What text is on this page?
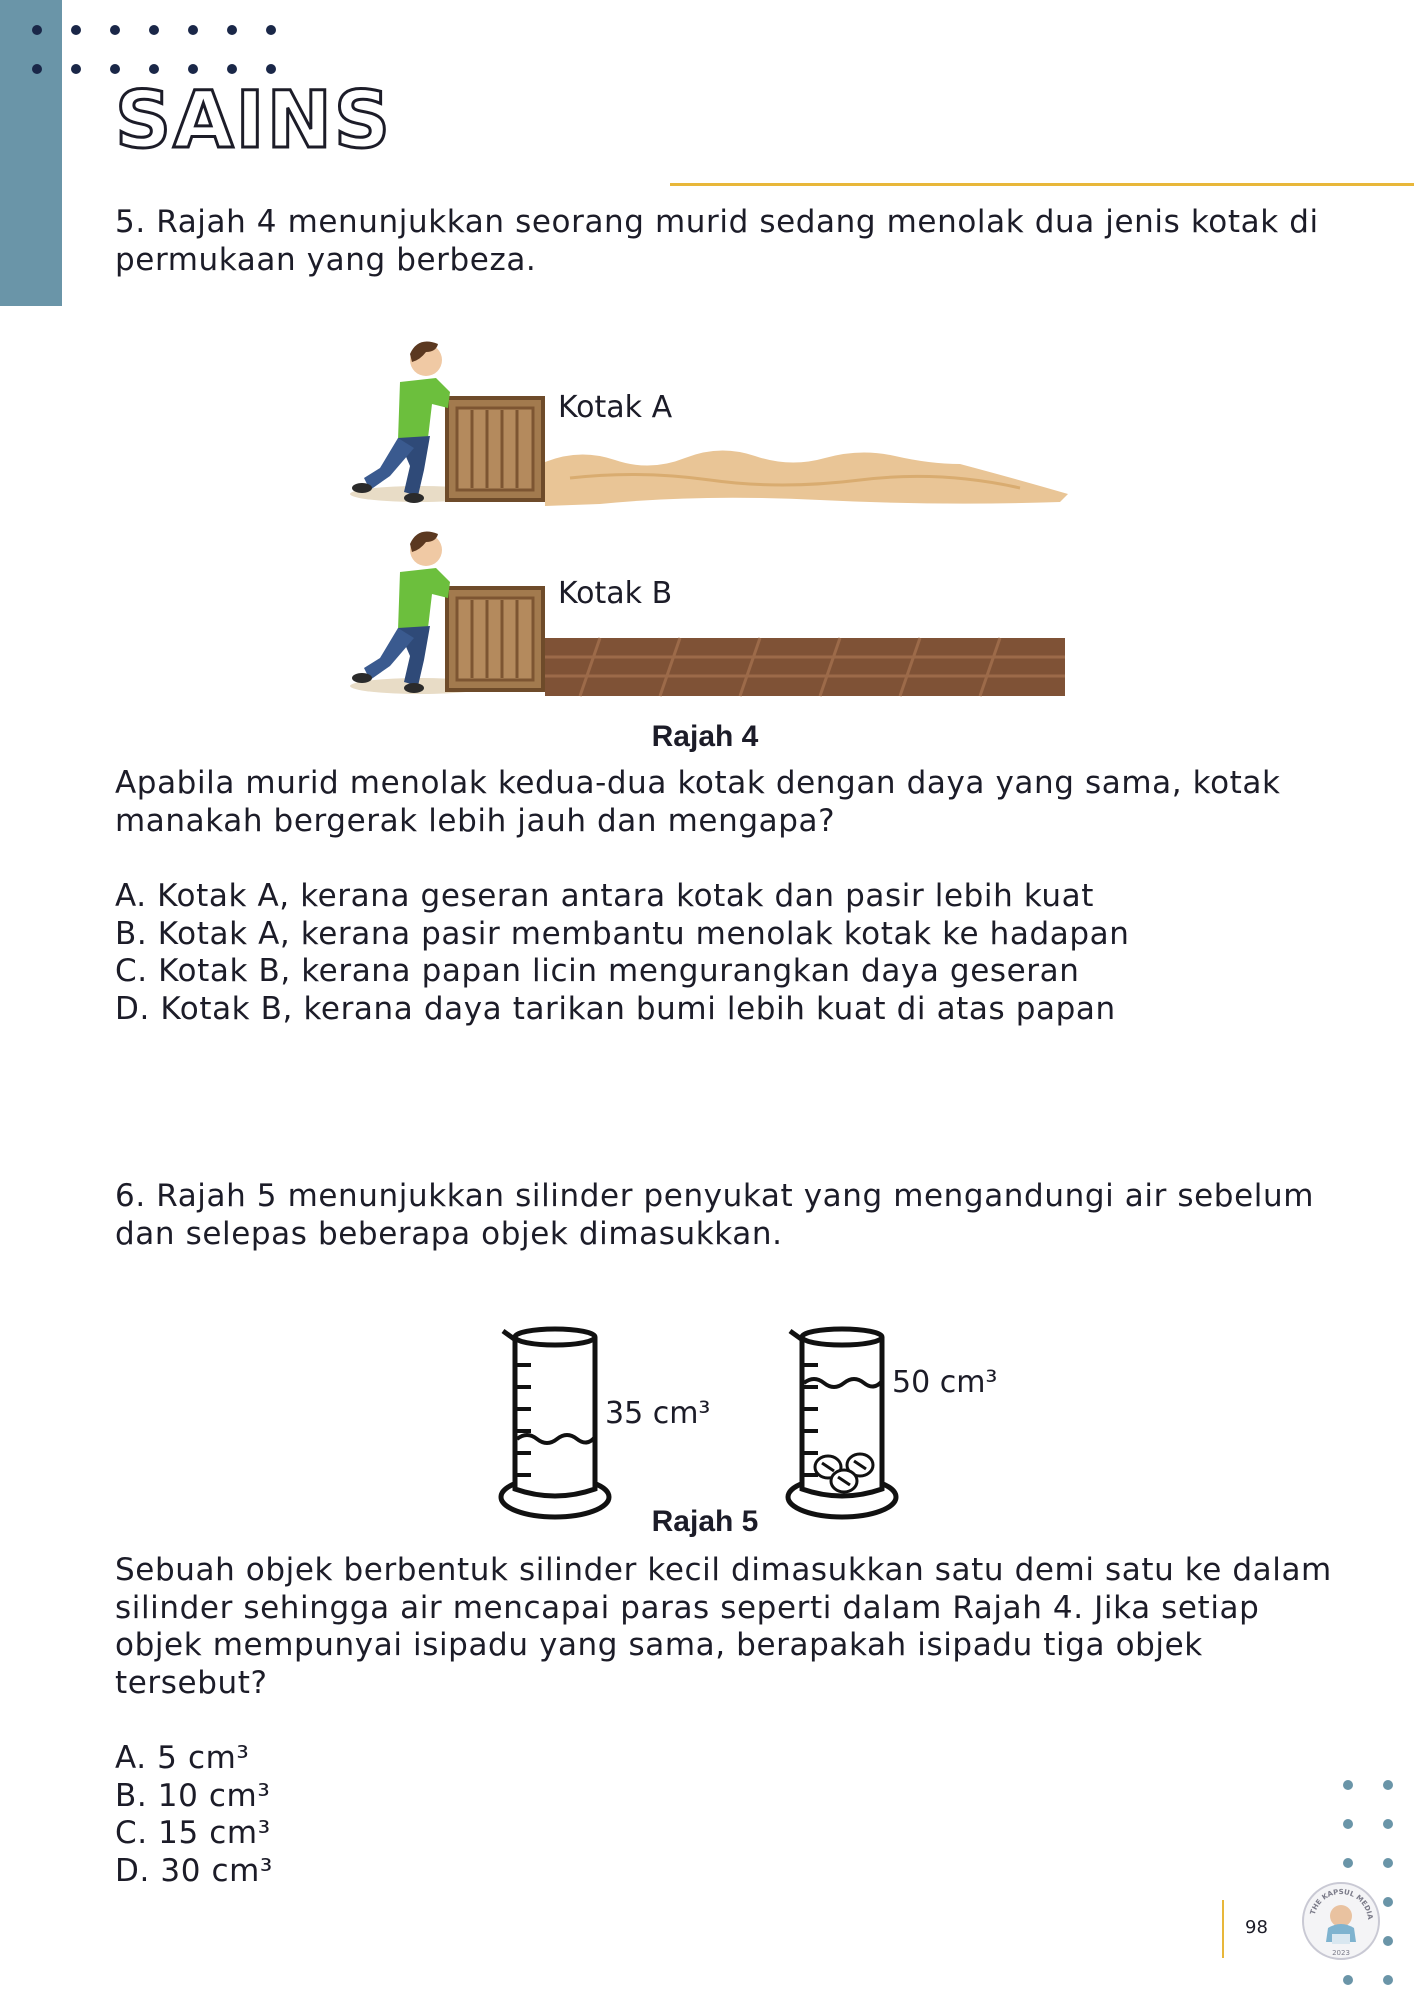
SAINS

5. Rajah 4 menunjukkan seorang murid sedang menolak dua jenis kotak di permukaan yang berbeza.

Kotak A
Kotak B
Rajah 4

Apabila murid menolak kedua-dua kotak dengan daya yang sama, kotak manakah bergerak lebih jauh dan mengapa?

A. Kotak A, kerana geseran antara kotak dan pasir lebih kuat
B. Kotak A, kerana pasir membantu menolak kotak ke hadapan
C. Kotak B, kerana papan licin mengurangkan daya geseran
D. Kotak B, kerana daya tarikan bumi lebih kuat di atas papan

6. Rajah 5 menunjukkan silinder penyukat yang mengandungi air sebelum dan selepas beberapa objek dimasukkan.

35 cm³
50 cm³
Rajah 5

Sebuah objek berbentuk silinder kecil dimasukkan satu demi satu ke dalam silinder sehingga air mencapai paras seperti dalam Rajah 4. Jika setiap objek mempunyai isipadu yang sama, berapakah isipadu tiga objek tersebut?

A. 5 cm³
B. 10 cm³
C. 15 cm³
D. 30 cm³
98
THE KAPSUL MEDIA
2023
